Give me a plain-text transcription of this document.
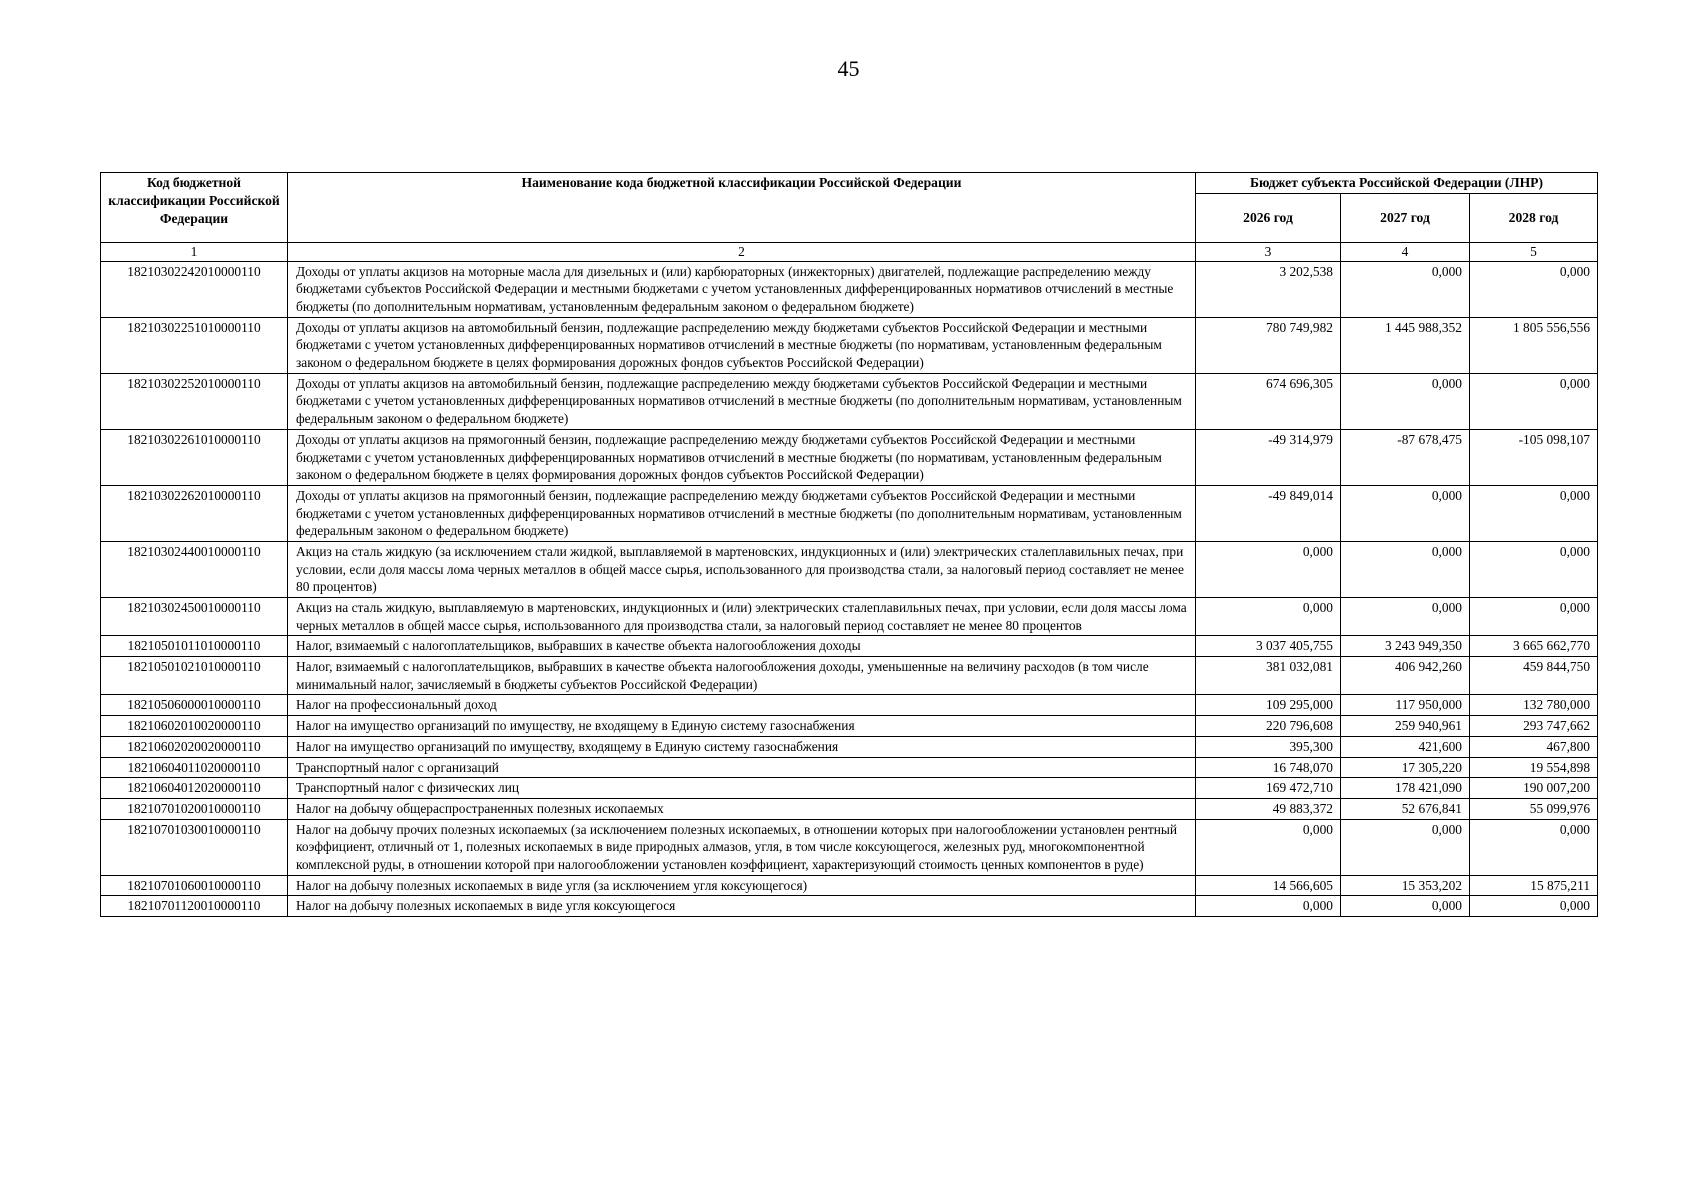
45
Код бюджетной классификации Российской Федерации	Наименование кода бюджетной классификации Российской Федерации	Бюджет субъекта Российской Федерации (ЛНР)		
		2026 год	2027 год	2028 год
1	2	3	4	5
18210302242010000110	Доходы от уплаты акцизов на моторные масла для дизельных и (или) карбюраторных (инжекторных) двигателей, подлежащие распределению между бюджетами субъектов Российской Федерации и местными бюджетами с учетом установленных дифференцированных нормативов отчислений в местные бюджеты (по дополнительным нормативам, установленным федеральным законом о федеральном бюджете)	3 202,538	0,000	0,000
18210302251010000110	Доходы от уплаты акцизов на автомобильный бензин, подлежащие распределению между бюджетами субъектов Российской Федерации и местными бюджетами с учетом установленных дифференцированных нормативов отчислений в местные бюджеты (по нормативам, установленным федеральным законом о федеральном бюджете в целях формирования дорожных фондов субъектов Российской Федерации)	780 749,982	1 445 988,352	1 805 556,556
18210302252010000110	Доходы от уплаты акцизов на автомобильный бензин, подлежащие распределению между бюджетами субъектов Российской Федерации и местными бюджетами с учетом установленных дифференцированных нормативов отчислений в местные бюджеты (по дополнительным нормативам, установленным федеральным законом о федеральном бюджете)	674 696,305	0,000	0,000
18210302261010000110	Доходы от уплаты акцизов на прямогонный бензин, подлежащие распределению между бюджетами субъектов Российской Федерации и местными бюджетами с учетом установленных дифференцированных нормативов отчислений в местные бюджеты (по нормативам, установленным федеральным законом о федеральном бюджете в целях формирования дорожных фондов субъектов Российской Федерации)	-49 314,979	-87 678,475	-105 098,107
18210302262010000110	Доходы от уплаты акцизов на прямогонный бензин, подлежащие распределению между бюджетами субъектов Российской Федерации и местными бюджетами с учетом установленных дифференцированных нормативов отчислений в местные бюджеты (по дополнительным нормативам, установленным федеральным законом о федеральном бюджете)	-49 849,014	0,000	0,000
18210302440010000110	Акциз на сталь жидкую (за исключением стали жидкой, выплавляемой в мартеновских, индукционных и (или) электрических сталеплавильных печах, при условии, если доля массы лома черных металлов в общей массе сырья, использованного для производства стали, за налоговый период составляет не менее 80 процентов)	0,000	0,000	0,000
18210302450010000110	Акциз на сталь жидкую, выплавляемую в мартеновских, индукционных и (или) электрических сталеплавильных печах, при условии, если доля массы лома черных металлов в общей массе сырья, использованного для производства стали, за налоговый период составляет не менее 80 процентов	0,000	0,000	0,000
18210501011010000110	Налог, взимаемый с налогоплательщиков, выбравших в качестве объекта налогообложения доходы	3 037 405,755	3 243 949,350	3 665 662,770
18210501021010000110	Налог, взимаемый с налогоплательщиков, выбравших в качестве объекта налогообложения доходы, уменьшенные на величину расходов (в том числе минимальный налог, зачисляемый в бюджеты субъектов Российской Федерации)	381 032,081	406 942,260	459 844,750
18210506000010000110	Налог на профессиональный доход	109 295,000	117 950,000	132 780,000
18210602010020000110	Налог на имущество организаций по имуществу, не входящему в Единую систему газоснабжения	220 796,608	259 940,961	293 747,662
18210602020020000110	Налог на имущество организаций по имуществу, входящему в Единую систему газоснабжения	395,300	421,600	467,800
18210604011020000110	Транспортный налог с организаций	16 748,070	17 305,220	19 554,898
18210604012020000110	Транспортный налог с физических лиц	169 472,710	178 421,090	190 007,200
18210701020010000110	Налог на добычу общераспространенных полезных ископаемых	49 883,372	52 676,841	55 099,976
18210701030010000110	Налог на добычу прочих полезных ископаемых (за исключением полезных ископаемых, в отношении которых при налогообложении установлен рентный коэффициент, отличный от 1, полезных ископаемых в виде природных алмазов, угля, в том числе коксующегося, железных руд, многокомпонентной комплексной руды, в отношении которой при налогообложении установлен коэффициент, характеризующий стоимость ценных компонентов в руде)	0,000	0,000	0,000
18210701060010000110	Налог на добычу полезных ископаемых в виде угля (за исключением угля коксующегося)	14 566,605	15 353,202	15 875,211
18210701120010000110	Налог на добычу полезных ископаемых в виде угля коксующегося	0,000	0,000	0,000
